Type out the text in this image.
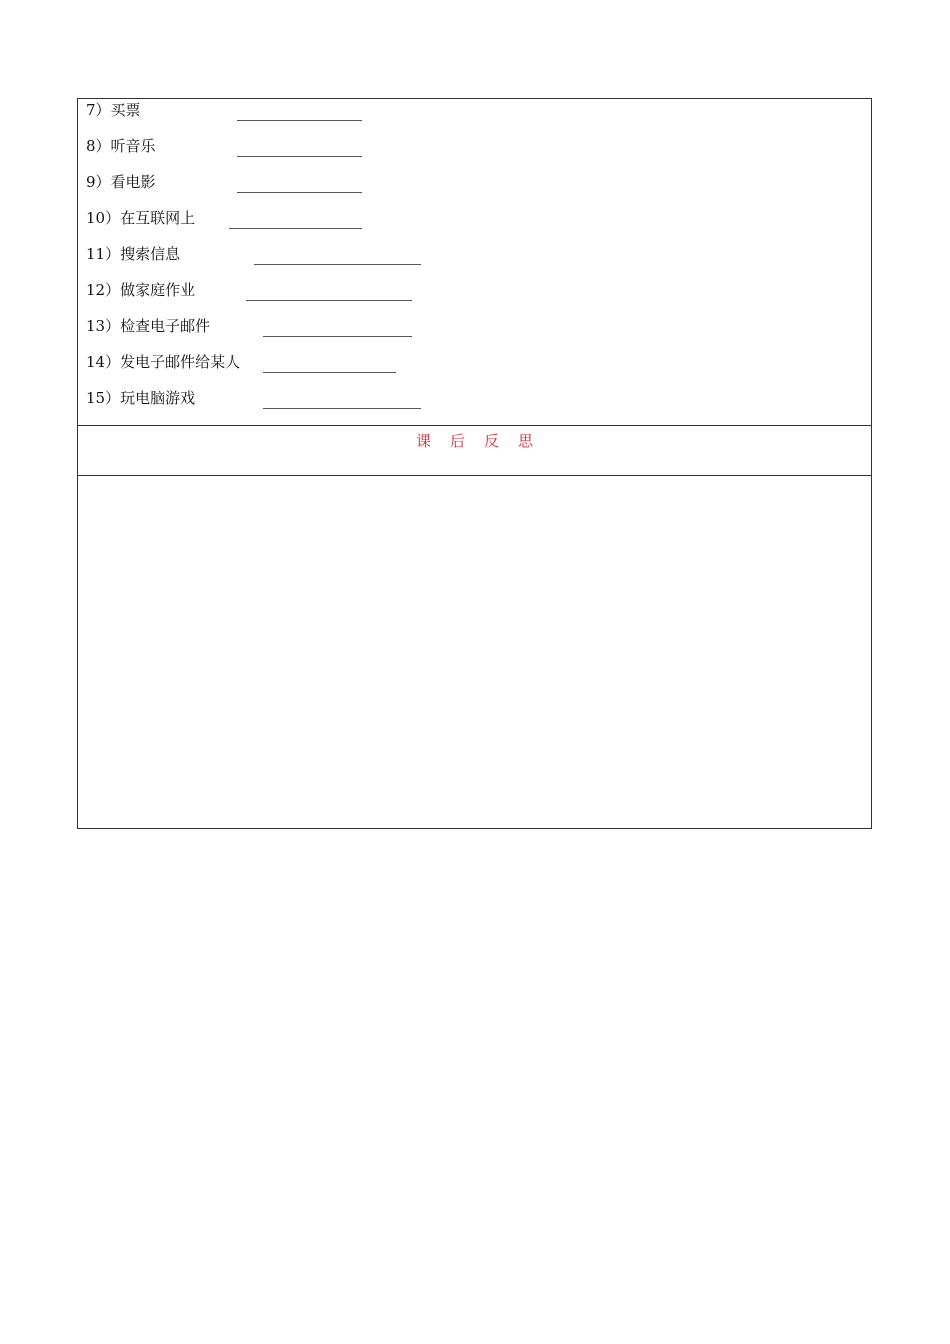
7）买票
8）听音乐
9）看电影
10）在互联网上
11）搜索信息
12）做家庭作业
13）检查电子邮件
14）发电子邮件给某人
15）玩电脑游戏
课后反思
